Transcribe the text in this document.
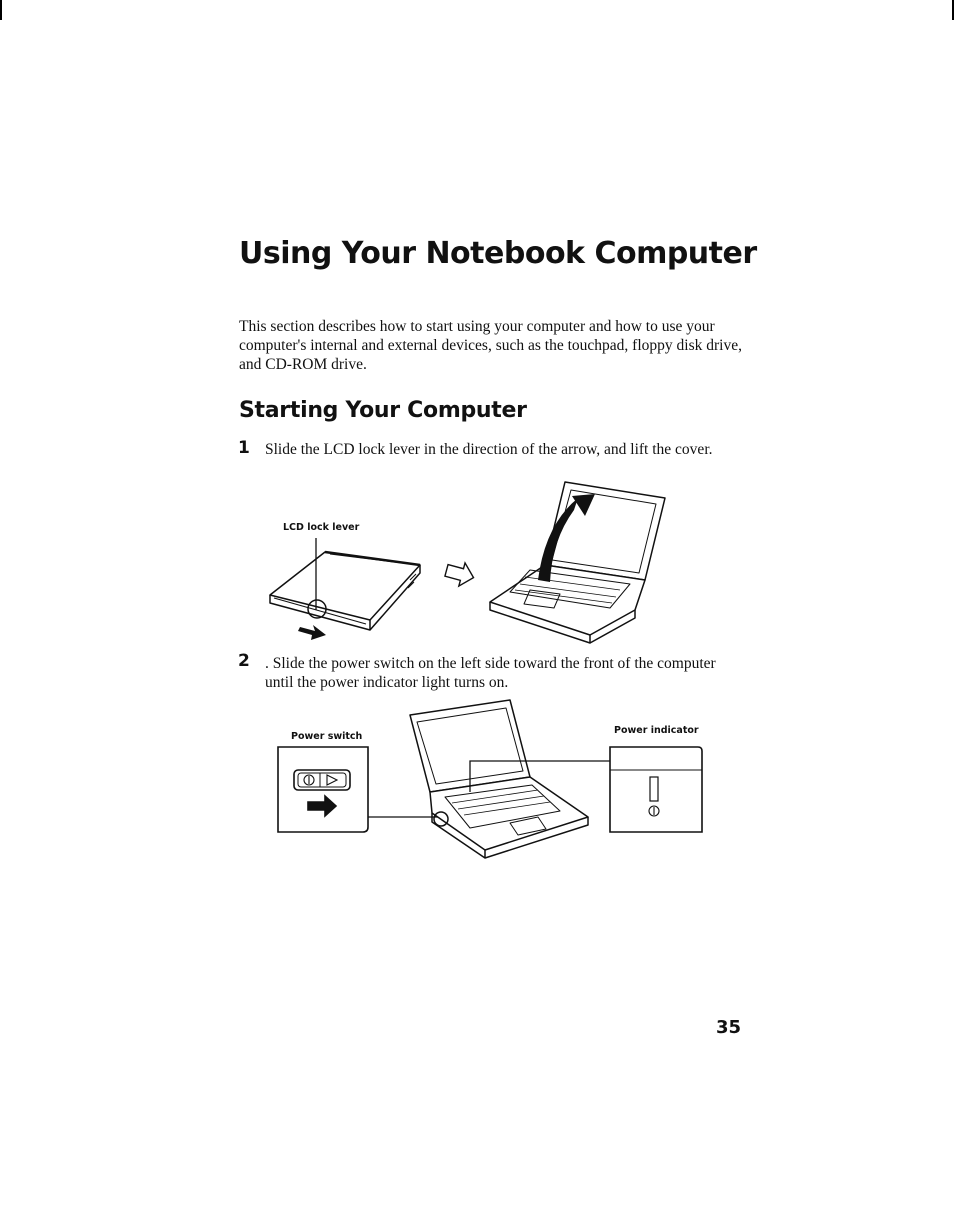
Using Your Notebook Computer

This section describes how to start using your computer and how to use your computer's internal and external devices, such as the touchpad, floppy disk drive, and CD-ROM drive.

Starting Your Computer
1 Slide the LCD lock lever in the direction of the arrow, and lift the cover.

LCD lock lever
2 . Slide the power switch on the left side toward the front of the computer until the power indicator light turns on.

Power switch
Power indicator
35
